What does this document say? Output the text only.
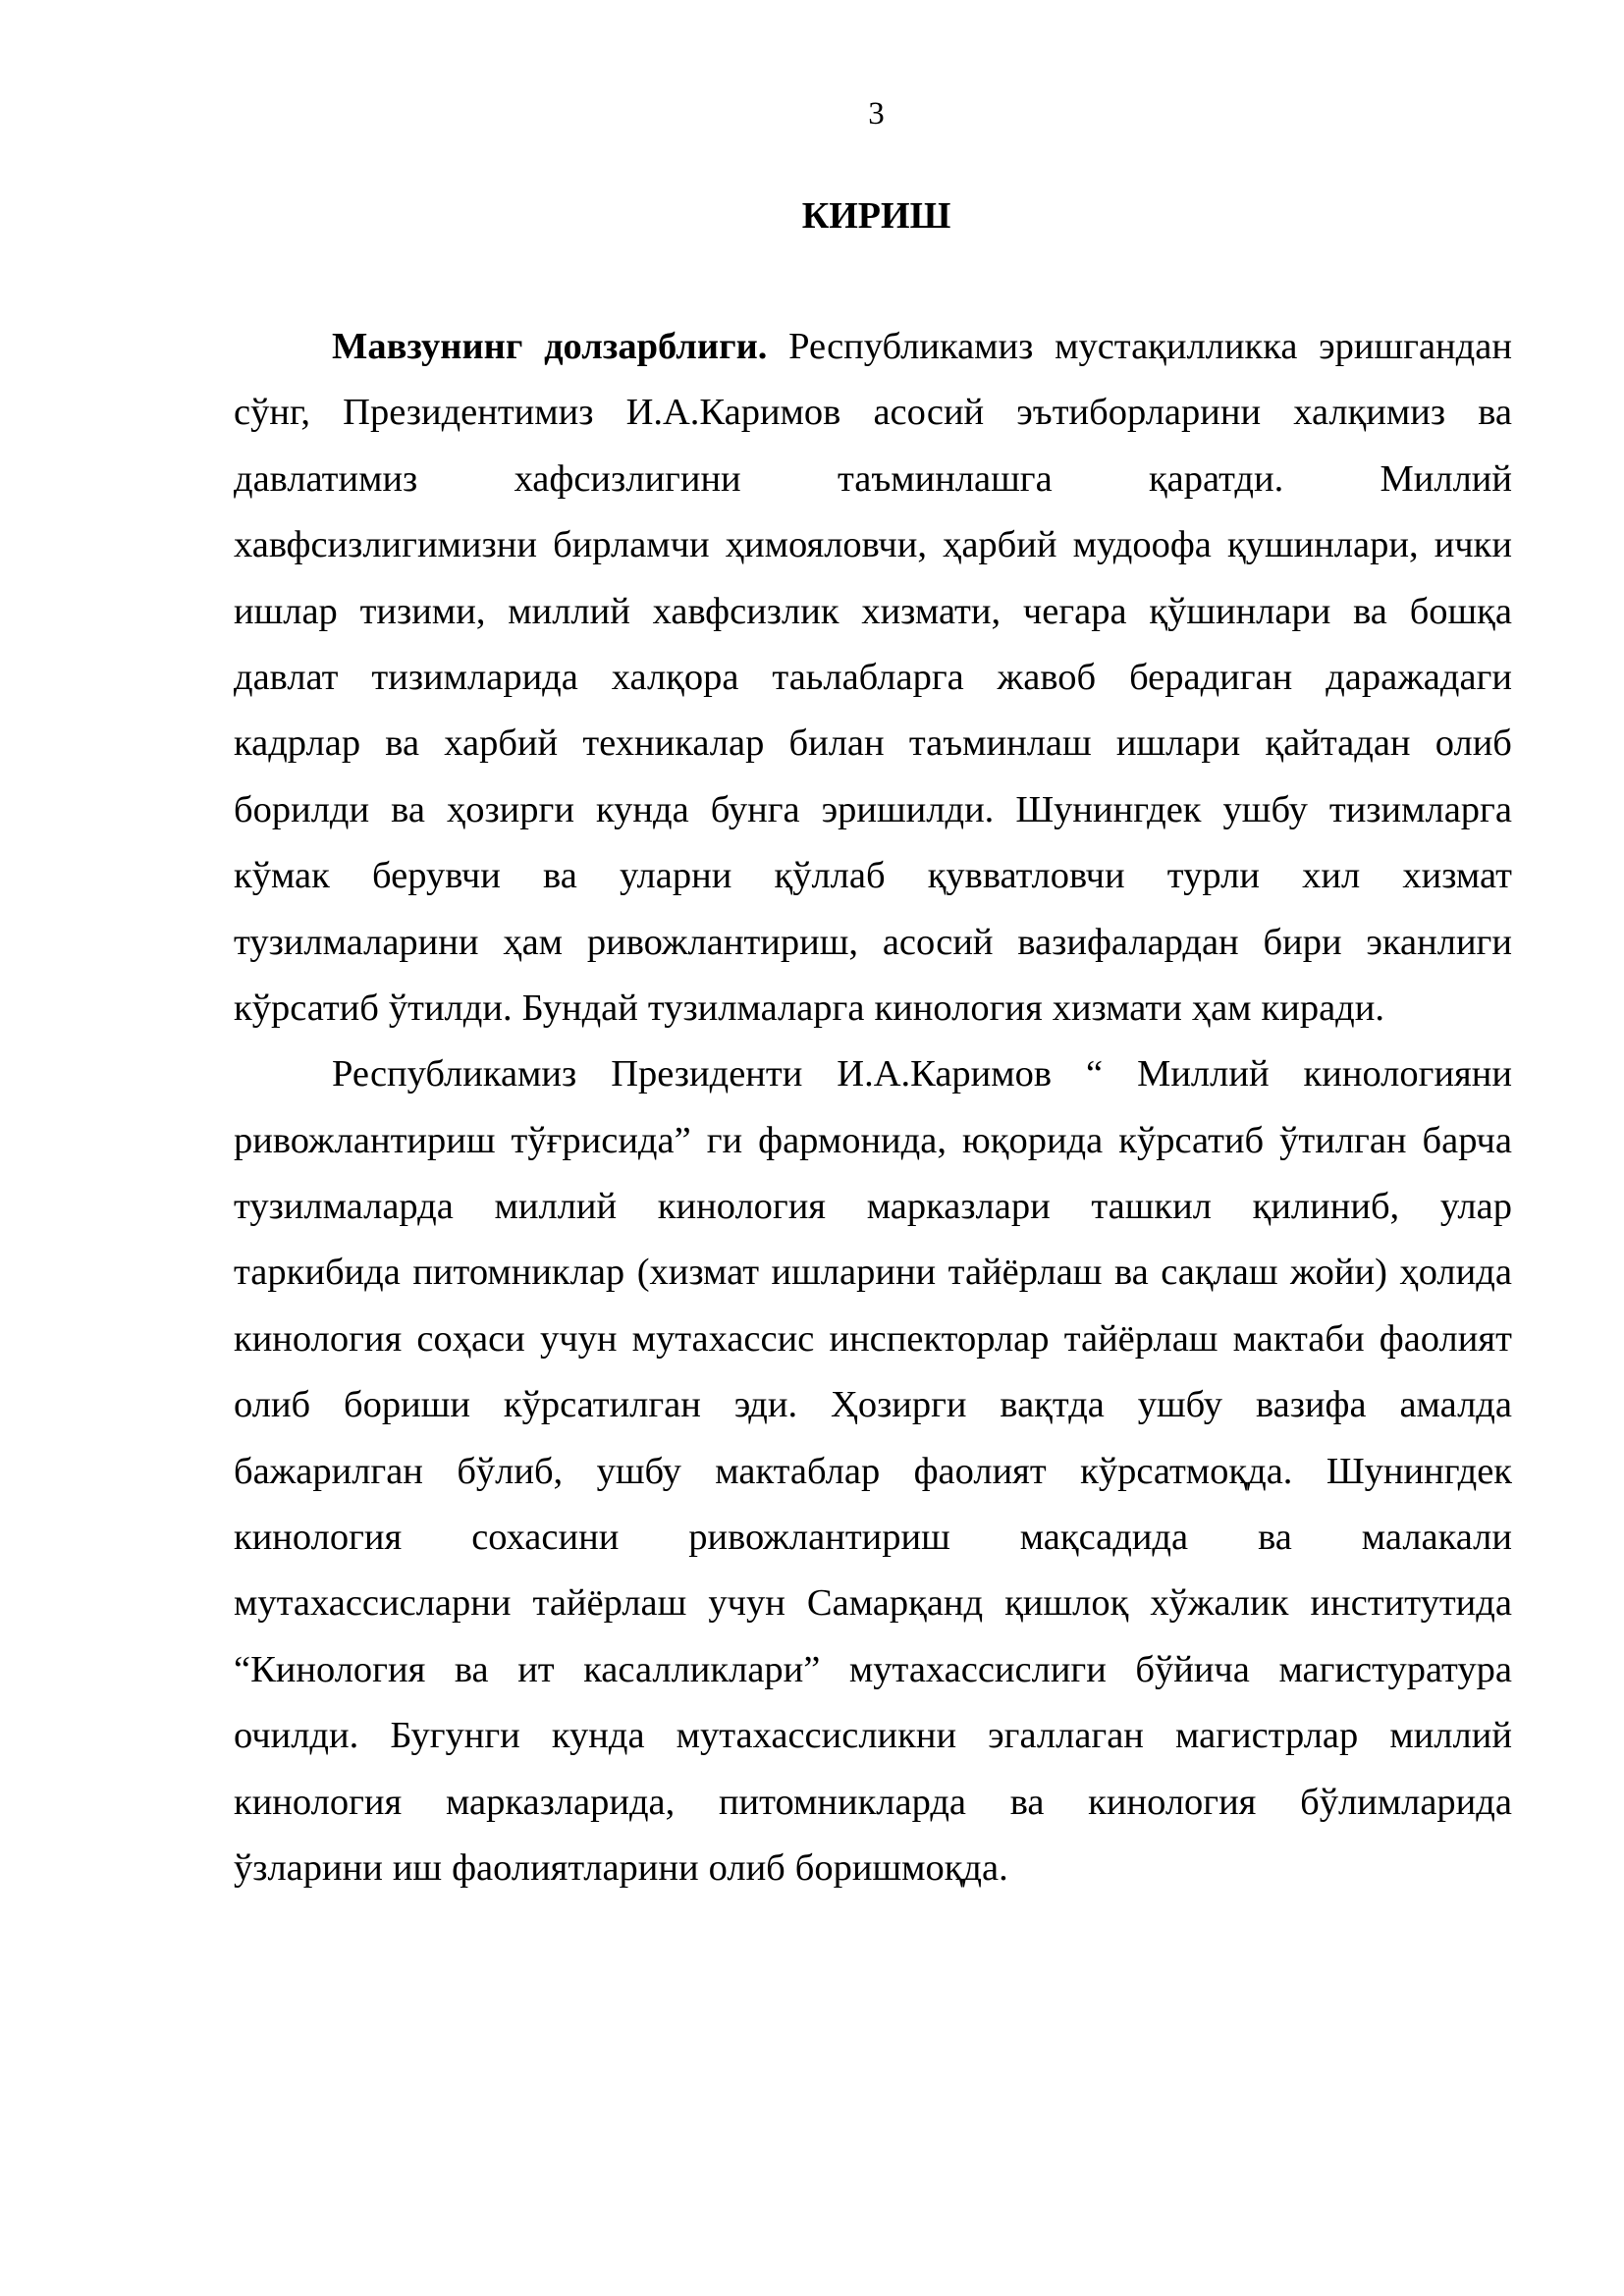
3
КИРИШ
Мавзунинг долзарблиги. Республикамиз мустақилликка эришгандан
сўнг, Президентимиз И.А.Каримов асосий эътиборларини халқимиз ва
давлатимиз	хафсизлигини	таъминлашга	қаратди.	Миллий
хавфсизлигимизни бирламчи ҳимояловчи, ҳарбий мудоофа қушинлари, ички
ишлар тизими, миллий хавфсизлик хизмати, чегара қўшинлари ва бошқа
давлат тизимларида халқора таьлабларга жавоб берадиган даражадаги
кадрлар ва харбий техникалар билан таъминлаш ишлари қайтадан олиб
борилди ва ҳозирги кунда бунга эришилди. Шунингдек ушбу тизимларга
кўмак берувчи ва уларни қўллаб қувватловчи турли хил хизмат
тузилмаларини ҳам ривожлантириш, асосий вазифалардан бири эканлиги
кўрсатиб ўтилди. Бундай тузилмаларга кинология хизмати ҳам киради.
Республикамиз Президенти И.А.Каримов “ Миллий кинологияни
ривожлантириш тўғрисида” ги фармонида, юқорида кўрсатиб ўтилган барча
тузилмаларда миллий кинология марказлари ташкил қилиниб, улар
таркибида питомниклар (хизмат ишларини тайёрлаш ва сақлаш жойи) ҳолида
кинология соҳаси учун мутахассис инспекторлар тайёрлаш мактаби фаолият
олиб бориши кўрсатилган эди. Ҳозирги вақтда ушбу вазифа амалда
бажарилган бўлиб, ушбу мактаблар фаолият кўрсатмоқда. Шунингдек
кинология сохасини ривожлантириш мақсадида ва малакали
мутахассисларни тайёрлаш учун Самарқанд қишлоқ хўжалик институтида
“Кинология ва ит касалликлари” мутахассислиги бўйича магистуратура
очилди. Бугунги кунда мутахассисликни эгаллаган магистрлар миллий
кинология марказларида, питомникларда ва кинология бўлимларида
ўзларини иш фаолиятларини олиб боришмоқда.
